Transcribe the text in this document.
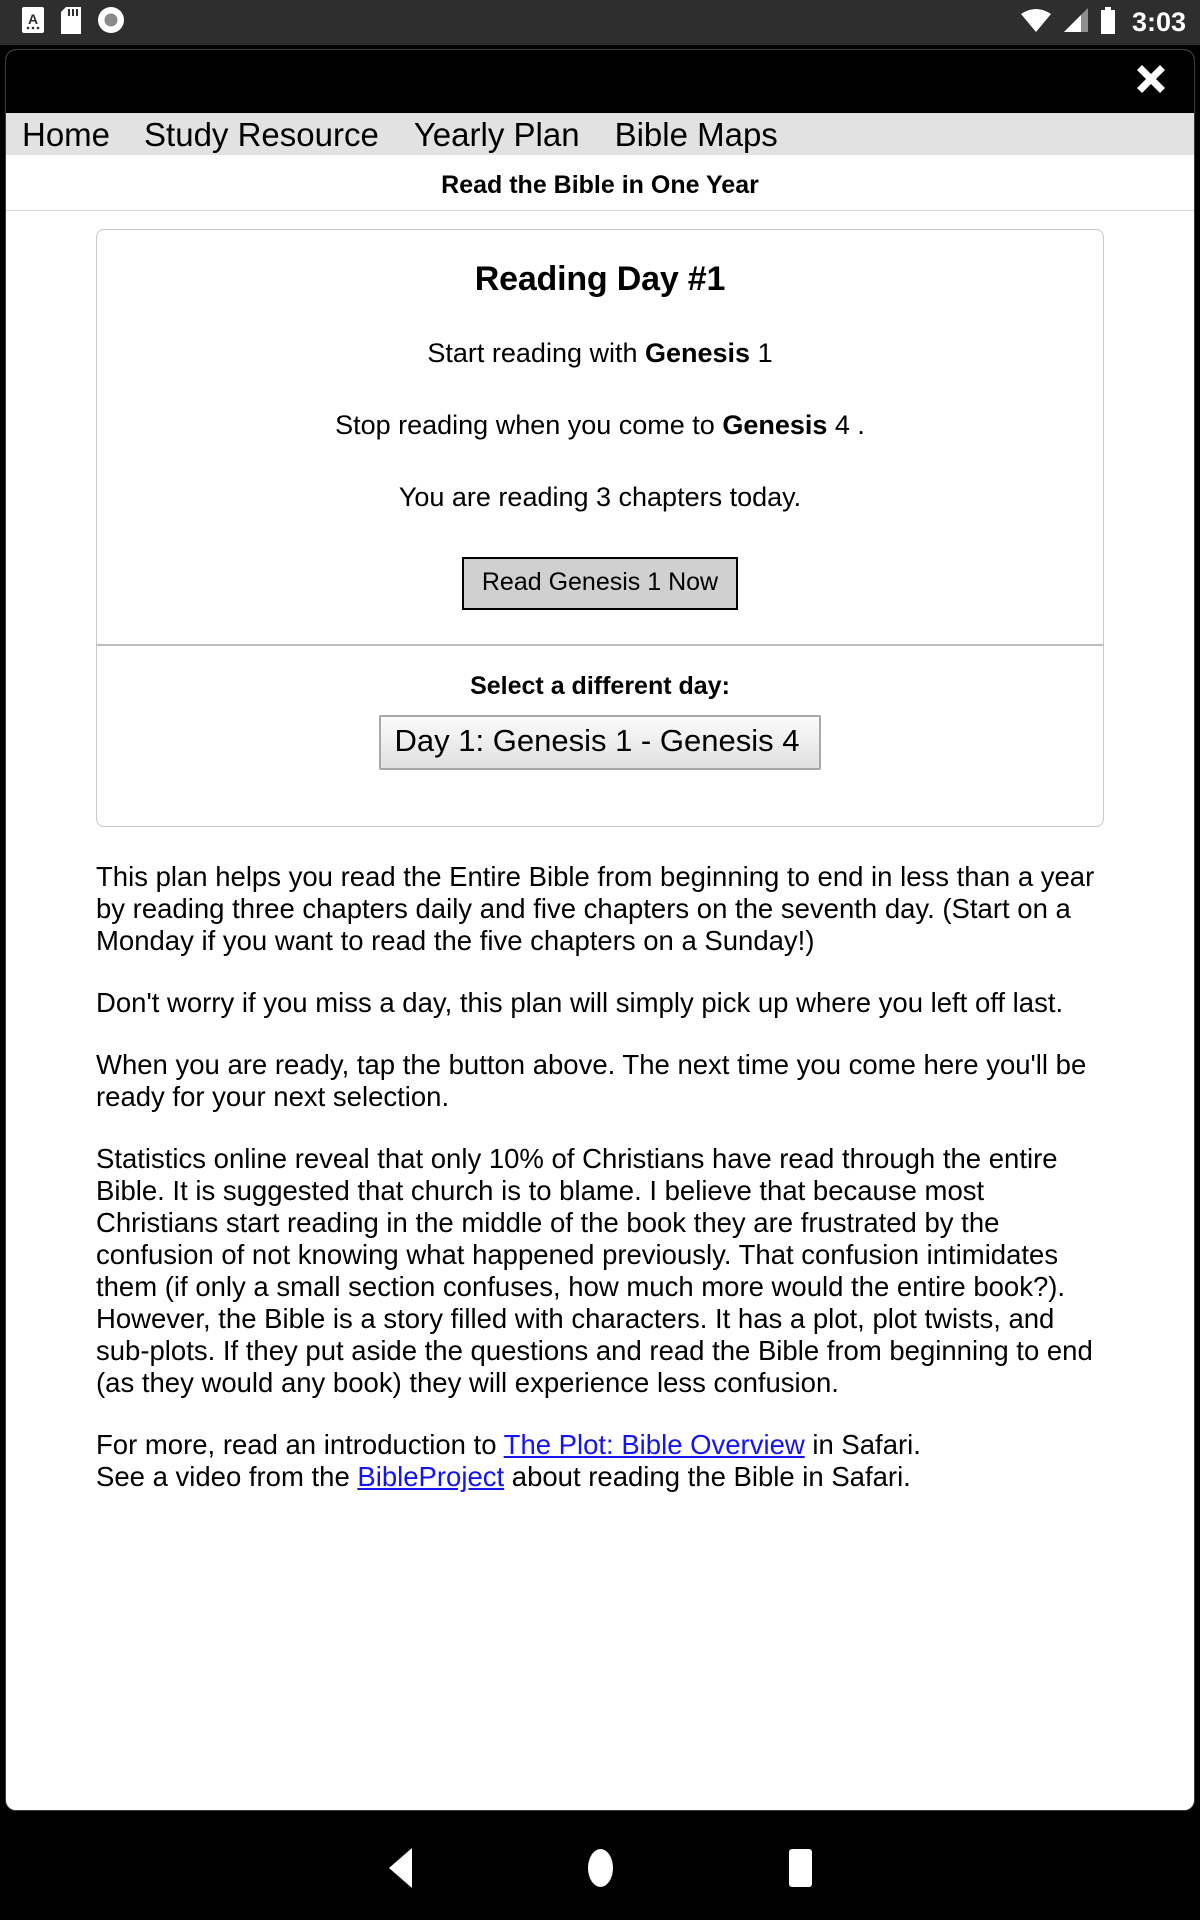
A	3:03
Home	Study Resource	Yearly Plan	Bible Maps
Read the Bible in One Year
Reading Day #1
Start reading with Genesis 1
Stop reading when you come to Genesis 4 .
You are reading 3 chapters today.
Read Genesis 1 Now
Select a different day:
Day 1: Genesis 1 - Genesis 4

This plan helps you read the Entire Bible from beginning to end in less than a year by reading three chapters daily and five chapters on the seventh day. (Start on a Monday if you want to read the five chapters on a Sunday!)

Don't worry if you miss a day, this plan will simply pick up where you left off last.

When you are ready, tap the button above. The next time you come here you'll be ready for your next selection.

Statistics online reveal that only 10% of Christians have read through the entire Bible. It is suggested that church is to blame. I believe that because most Christians start reading in the middle of the book they are frustrated by the confusion of not knowing what happened previously. That confusion intimidates them (if only a small section confuses, how much more would the entire book?). However, the Bible is a story filled with characters. It has a plot, plot twists, and sub-plots. If they put aside the questions and read the Bible from beginning to end (as they would any book) they will experience less confusion.

For more, read an introduction to The Plot: Bible Overview in Safari.
See a video from the BibleProject about reading the Bible in Safari.
